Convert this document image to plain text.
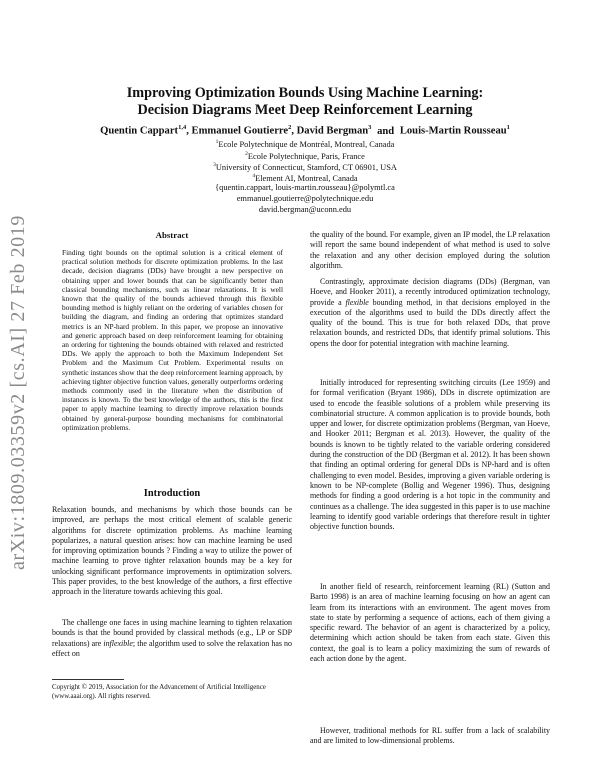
arXiv:1809.03359v2 [cs.AI] 27 Feb 2019
Improving Optimization Bounds Using Machine Learning:
Decision Diagrams Meet Deep Reinforcement Learning
Quentin Cappart$^{1,4}$, Emmanuel Goutierre$^2$, David Bergman$^3$ and Louis-Martin Rousseau$^1$
$^1$Ecole Polytechnique de Montréal, Montreal, Canada
$^2$Ecole Polytechnique, Paris, France
$^3$University of Connecticut, Stamford, CT 06901, USA
$^4$Element AI, Montreal, Canada
{quentin.cappart, louis-martin.rousseau}@polymtl.ca
emmanuel.goutierre@polytechnique.edu
david.bergman@uconn.edu
Abstract

Finding tight bounds on the optimal solution is a critical element of practical solution methods for discrete optimization problems. In the last decade, decision diagrams (DDs) have brought a new perspective on obtaining upper and lower bounds that can be significantly better than classical bounding mechanisms, such as linear relaxations. It is well known that the quality of the bounds achieved through this flexible bounding method is highly reliant on the ordering of variables chosen for building the diagram, and finding an ordering that optimizes standard metrics is an NP-hard problem. In this paper, we propose an innovative and generic approach based on deep reinforcement learning for obtaining an ordering for tightening the bounds obtained with relaxed and restricted DDs. We apply the approach to both the Maximum Independent Set Problem and the Maximum Cut Problem. Experimental results on synthetic instances show that the deep reinforcement learning approach, by achieving tighter objective function values, generally outperforms ordering methods commonly used in the literature when the distribution of instances is known. To the best knowledge of the authors, this is the first paper to apply machine learning to directly improve relaxation bounds obtained by general-purpose bounding mechanisms for combinatorial optimization problems.

Introduction

Relaxation bounds, and mechanisms by which those bounds can be improved, are perhaps the most critical element of scalable generic algorithms for discrete optimization problems. As machine learning popularizes, a natural question arises: how can machine learning be used for improving optimization bounds ? Finding a way to utilize the power of machine learning to prove tighter relaxation bounds may be a key for unlocking significant performance improvements in optimization solvers. This paper provides, to the best knowledge of the authors, a first effective approach in the literature towards achieving this goal.

The challenge one faces in using machine learning to tighten relaxation bounds is that the bound provided by classical methods (e.g., LP or SDP relaxations) are inflexible; the algorithm used to solve the relaxation has no effect on

Copyright © 2019, Association for the Advancement of Artificial Intelligence (www.aaai.org). All rights reserved.

the quality of the bound. For example, given an IP model, the LP relaxation will report the same bound independent of what method is used to solve the relaxation and any other decision employed during the solution algorithm.

Contrastingly, approximate decision diagrams (DDs) (Bergman, van Hoeve, and Hooker 2011), a recently introduced optimization technology, provide a flexible bounding method, in that decisions employed in the execution of the algorithms used to build the DDs directly affect the quality of the bound. This is true for both relaxed DDs, that prove relaxation bounds, and restricted DDs, that identify primal solutions. This opens the door for potential integration with machine learning.

Initially introduced for representing switching circuits (Lee 1959) and for formal verification (Bryant 1986), DDs in discrete optimization are used to encode the feasible solutions of a problem while preserving its combinatorial structure. A common application is to provide bounds, both upper and lower, for discrete optimization problems (Bergman, van Hoeve, and Hooker 2011; Bergman et al. 2013). However, the quality of the bounds is known to be tightly related to the variable ordering considered during the construction of the DD (Bergman et al. 2012). It has been shown that finding an optimal ordering for general DDs is NP-hard and is often challenging to even model. Besides, improving a given variable ordering is known to be NP-complete (Bollig and Wegener 1996). Thus, designing methods for finding a good ordering is a hot topic in the community and continues as a challenge. The idea suggested in this paper is to use machine learning to identify good variable orderings that therefore result in tighter objective function bounds.

In another field of research, reinforcement learning (RL) (Sutton and Barto 1998) is an area of machine learning focusing on how an agent can learn from its interactions with an environment. The agent moves from state to state by performing a sequence of actions, each of them giving a specific reward. The behavior of an agent is characterized by a policy, determining which action should be taken from each state. Given this context, the goal is to learn a policy maximizing the sum of rewards of each action done by the agent.

However, traditional methods for RL suffer from a lack of scalability and are limited to low-dimensional problems.
